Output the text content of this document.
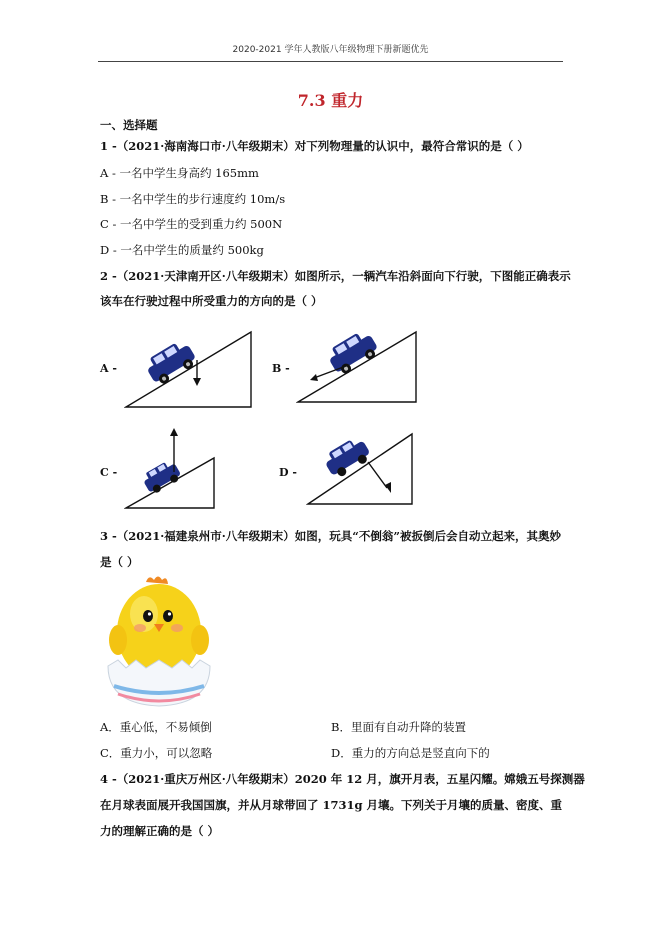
2020-2021 学年人教版八年级物理下册新题优先
7.3 重力
一、选择题
1 -（2021·海南海口市·八年级期末）对下列物理量的认识中，最符合常识的是（ ）
A - 一名中学生身高约 165mm
B - 一名中学生的步行速度约 10m/s
C - 一名中学生的受到重力约 500N
D - 一名中学生的质量约 500kg
2 -（2021·天津南开区·八年级期末）如图所示，一辆汽车沿斜面向下行驶，下图能正确表示
该车在行驶过程中所受重力的方向的是（ ）
A -	B -
C -	D -
3 -（2021·福建泉州市·八年级期末）如图，玩具“不倒翁”被扳倒后会自动立起来，其奥妙
是（ ）
A．重心低，不易倾倒	B．里面有自动升降的装置
C．重力小，可以忽略	D．重力的方向总是竖直向下的
4 -（2021·重庆万州区·八年级期末）2020 年 12 月，旗开月表，五星闪耀。嫦娥五号探测器
在月球表面展开我国国旗，并从月球带回了 1731g 月壤。下列关于月壤的质量、密度、重
力的理解正确的是（ ）
